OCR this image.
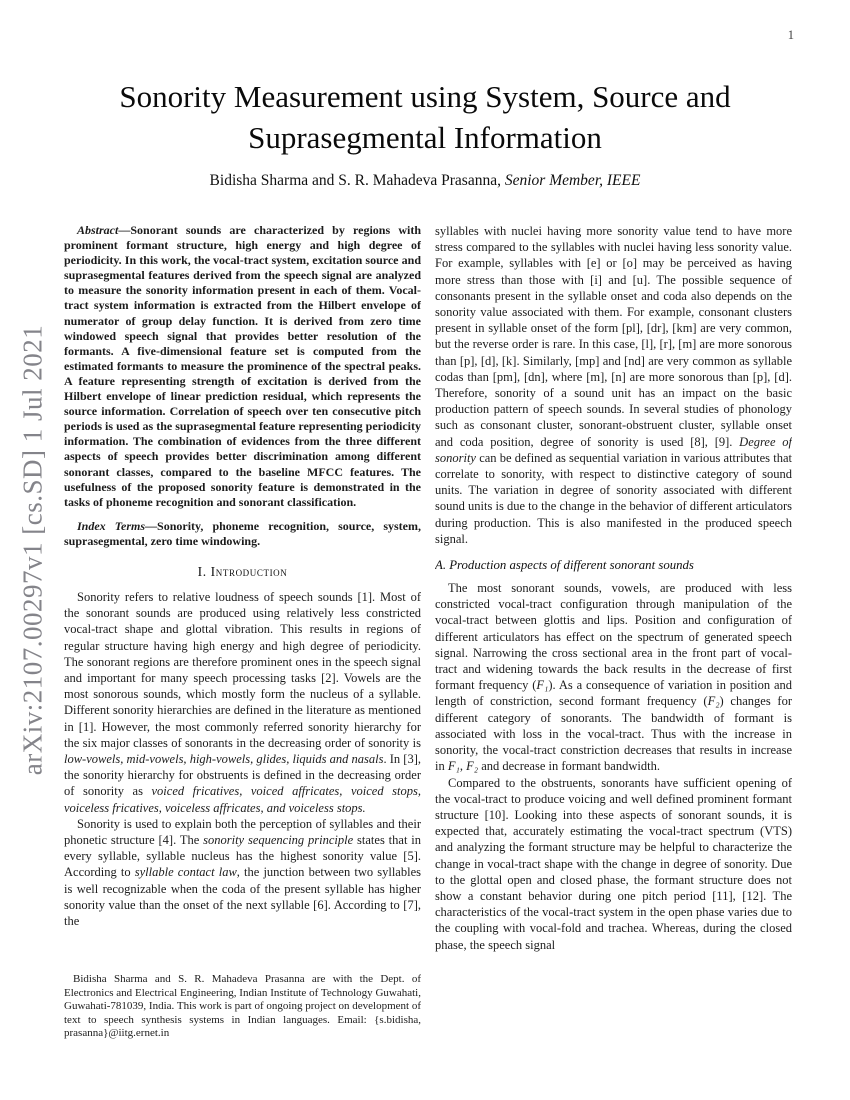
1
arXiv:2107.00297v1 [cs.SD] 1 Jul 2021
Sonority Measurement using System, Source and
Suprasegmental Information
Bidisha Sharma and S. R. Mahadeva Prasanna, Senior Member, IEEE

Abstract—Sonorant sounds are characterized by regions with prominent formant structure, high energy and high degree of periodicity. In this work, the vocal-tract system, excitation source and suprasegmental features derived from the speech signal are analyzed to measure the sonority information present in each of them. Vocal-tract system information is extracted from the Hilbert envelope of numerator of group delay function. It is derived from zero time windowed speech signal that provides better resolution of the formants. A five-dimensional feature set is computed from the estimated formants to measure the prominence of the spectral peaks. A feature representing strength of excitation is derived from the Hilbert envelope of linear prediction residual, which represents the source information. Correlation of speech over ten consecutive pitch periods is used as the suprasegmental feature representing periodicity information. The combination of evidences from the three different aspects of speech provides better discrimination among different sonorant classes, compared to the baseline MFCC features. The usefulness of the proposed sonority feature is demonstrated in the tasks of phoneme recognition and sonorant classification.

Index Terms—Sonority, phoneme recognition, source, system, suprasegmental, zero time windowing.

I. Introduction

Sonority refers to relative loudness of speech sounds [1]. Most of the sonorant sounds are produced using relatively less constricted vocal-tract shape and glottal vibration. This results in regions of regular structure having high energy and high degree of periodicity. The sonorant regions are therefore prominent ones in the speech signal and important for many speech processing tasks [2]. Vowels are the most sonorous sounds, which mostly form the nucleus of a syllable. Different sonority hierarchies are defined in the literature as mentioned in [1]. However, the most commonly referred sonority hierarchy for the six major classes of sonorants in the decreasing order of sonority is low-vowels, mid-vowels, high-vowels, glides, liquids and nasals. In [3], the sonority hierarchy for obstruents is defined in the decreasing order of sonority as voiced fricatives, voiced affricates, voiced stops, voiceless fricatives, voiceless affricates, and voiceless stops.

Sonority is used to explain both the perception of syllables and their phonetic structure [4]. The sonority sequencing principle states that in every syllable, syllable nucleus has the highest sonority value [5]. According to syllable contact law, the junction between two syllables is well recognizable when the coda of the present syllable has higher sonority value than the onset of the next syllable [6]. According to [7], the

Bidisha Sharma and S. R. Mahadeva Prasanna are with the Dept. of Electronics and Electrical Engineering, Indian Institute of Technology Guwahati, Guwahati-781039, India. This work is part of ongoing project on development of text to speech synthesis systems in Indian languages. Email: {s.bidisha, prasanna}@iitg.ernet.in

syllables with nuclei having more sonority value tend to have more stress compared to the syllables with nuclei having less sonority value. For example, syllables with [e] or [o] may be perceived as having more stress than those with [i] and [u]. The possible sequence of consonants present in the syllable onset and coda also depends on the sonority value associated with them. For example, consonant clusters present in syllable onset of the form [pl], [dr], [km] are very common, but the reverse order is rare. In this case, [l], [r], [m] are more sonorous than [p], [d], [k]. Similarly, [mp] and [nd] are very common as syllable codas than [pm], [dn], where [m], [n] are more sonorous than [p], [d]. Therefore, sonority of a sound unit has an impact on the basic production pattern of speech sounds. In several studies of phonology such as consonant cluster, sonorant-obstruent cluster, syllable onset and coda position, degree of sonority is used [8], [9]. Degree of sonority can be defined as sequential variation in various attributes that correlate to sonority, with respect to distinctive category of sound units. The variation in degree of sonority associated with different sound units is due to the change in the behavior of different articulators during production. This is also manifested in the produced speech signal.

A. Production aspects of different sonorant sounds

The most sonorant sounds, vowels, are produced with less constricted vocal-tract configuration through manipulation of the vocal-tract between glottis and lips. Position and configuration of different articulators has effect on the spectrum of generated speech signal. Narrowing the cross sectional area in the front part of vocal-tract and widening towards the back results in the decrease of first formant frequency (F₁). As a consequence of variation in position and length of constriction, second formant frequency (F₂) changes for different category of sonorants. The bandwidth of formant is associated with loss in the vocal-tract. Thus with the increase in sonority, the vocal-tract constriction decreases that results in increase in F₁, F₂ and decrease in formant bandwidth.

Compared to the obstruents, sonorants have sufficient opening of the vocal-tract to produce voicing and well defined prominent formant structure [10]. Looking into these aspects of sonorant sounds, it is expected that, accurately estimating the vocal-tract spectrum (VTS) and analyzing the formant structure may be helpful to characterize the change in vocal-tract shape with the change in degree of sonority. Due to the glottal open and closed phase, the formant structure does not show a constant behavior during one pitch period [11], [12]. The characteristics of the vocal-tract system in the open phase varies due to the coupling with vocal-fold and trachea. Whereas, during the closed phase, the speech signal
